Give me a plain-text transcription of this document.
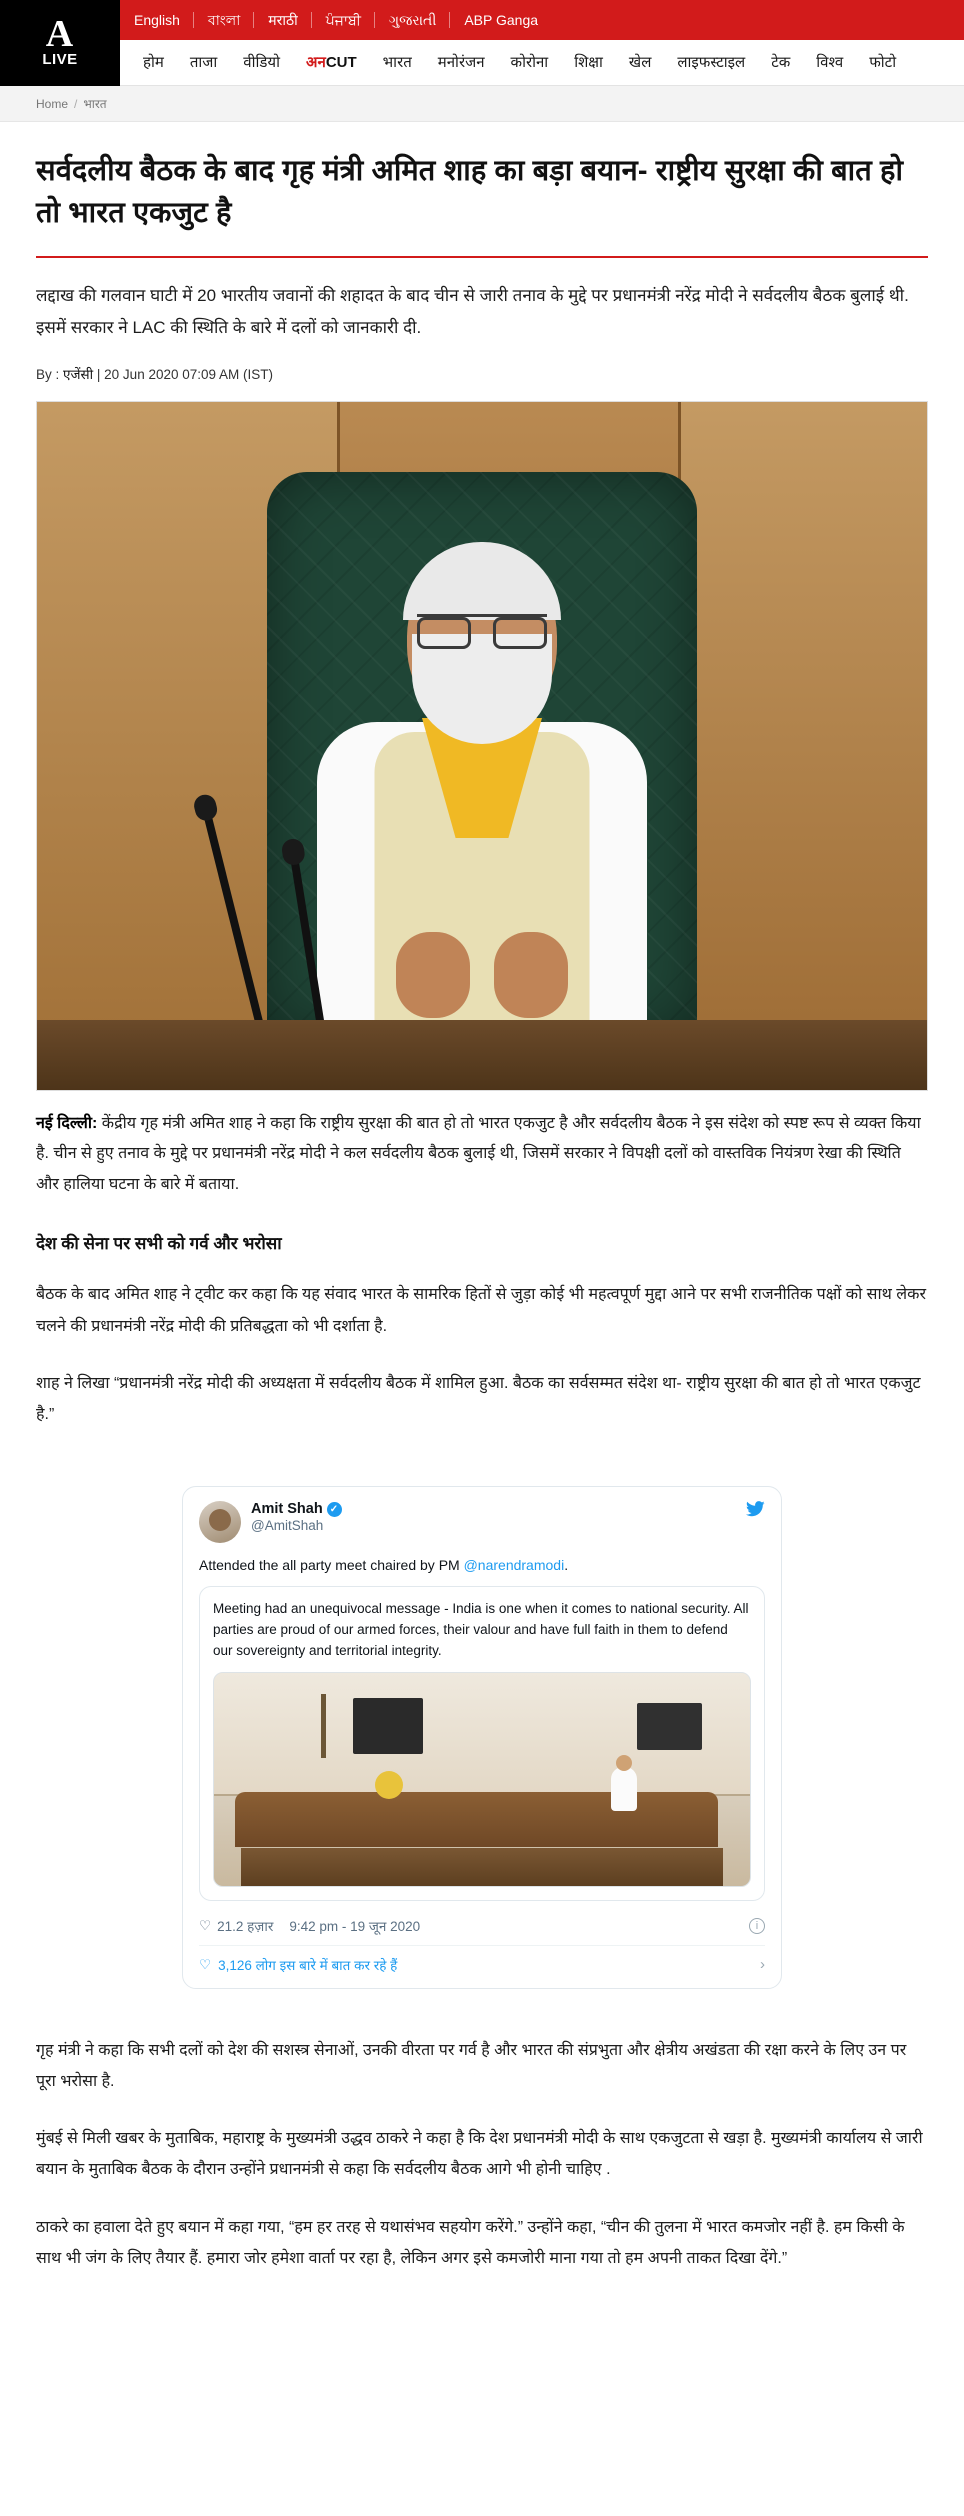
A
LIVE
English	বাংলা	मराठी	ਪੰਜਾਬੀ	ગુજરાતી	ABP Ganga
होम	ताजा	वीडियो	अनCUT	भारत	मनोरंजन	कोरोना	शिक्षा	खेल	लाइफस्टाइल	टेक	विश्व	फोटो
Home / भारत
सर्वदलीय बैठक के बाद गृह मंत्री अमित शाह का बड़ा बयान- राष्ट्रीय सुरक्षा की बात हो तो भारत एकजुट है

लद्दाख की गलवान घाटी में 20 भारतीय जवानों की शहादत के बाद चीन से जारी तनाव के मुद्दे पर प्रधानमंत्री नरेंद्र मोदी ने सर्वदलीय बैठक बुलाई थी. इसमें सरकार ने LAC की स्थिति के बारे में दलों को जानकारी दी.

By : एजेंसी | 20 Jun 2020 07:09 AM (IST)

नई दिल्ली: केंद्रीय गृह मंत्री अमित शाह ने कहा कि राष्ट्रीय सुरक्षा की बात हो तो भारत एकजुट है और सर्वदलीय बैठक ने इस संदेश को स्पष्ट रूप से व्यक्त किया है. चीन से हुए तनाव के मुद्दे पर प्रधानमंत्री नरेंद्र मोदी ने कल सर्वदलीय बैठक बुलाई थी, जिसमें सरकार ने विपक्षी दलों को वास्तविक नियंत्रण रेखा की स्थिति और हालिया घटना के बारे में बताया.

देश की सेना पर सभी को गर्व और भरोसा

बैठक के बाद अमित शाह ने ट्वीट कर कहा कि यह संवाद भारत के सामरिक हितों से जुड़ा कोई भी महत्वपूर्ण मुद्दा आने पर सभी राजनीतिक पक्षों को साथ लेकर चलने की प्रधानमंत्री नरेंद्र मोदी की प्रतिबद्धता को भी दर्शाता है.

शाह ने लिखा “प्रधानमंत्री नरेंद्र मोदी की अध्यक्षता में सर्वदलीय बैठक में शामिल हुआ. बैठक का सर्वसम्मत संदेश था- राष्ट्रीय सुरक्षा की बात हो तो भारत एकजुट है.”

Amit Shah
✓
@AmitShah
Attended the all party meet chaired by PM @narendramodi.
Meeting had an unequivocal message - India is one when it comes to national security. All parties are proud of our armed forces, their valour and have full faith in them to defend our sovereignty and territorial integrity.
♡ 21.2 हज़ार 9:42 pm - 19 जून 2020	i
♡ 3,126 लोग इस बारे में बात कर रहे हैं	›

गृह मंत्री ने कहा कि सभी दलों को देश की सशस्त्र सेनाओं, उनकी वीरता पर गर्व है और भारत की संप्रभुता और क्षेत्रीय अखंडता की रक्षा करने के लिए उन पर पूरा भरोसा है.

मुंबई से मिली खबर के मुताबिक, महाराष्ट्र के मुख्यमंत्री उद्धव ठाकरे ने कहा है कि देश प्रधानमंत्री मोदी के साथ एकजुटता से खड़ा है. मुख्यमंत्री कार्यालय से जारी बयान के मुताबिक बैठक के दौरान उन्होंने प्रधानमंत्री से कहा कि सर्वदलीय बैठक आगे भी होनी चाहिए .

ठाकरे का हवाला देते हुए बयान में कहा गया, “हम हर तरह से यथासंभव सहयोग करेंगे.” उन्होंने कहा, “चीन की तुलना में भारत कमजोर नहीं है. हम किसी के साथ भी जंग के लिए तैयार हैं. हमारा जोर हमेशा वार्ता पर रहा है, लेकिन अगर इसे कमजोरी माना गया तो हम अपनी ताकत दिखा देंगे.”
